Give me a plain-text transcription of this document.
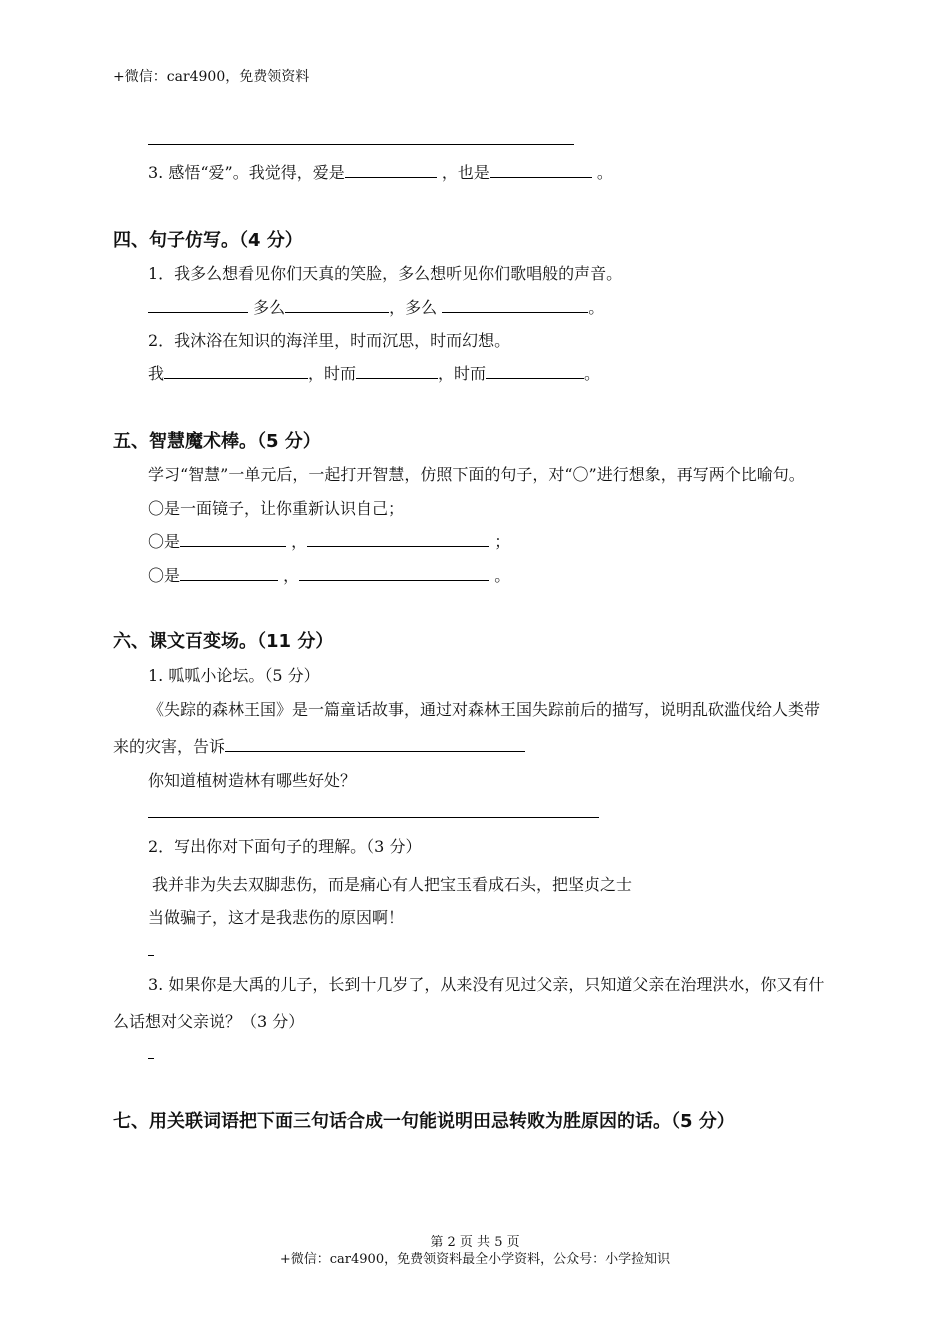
+微信：car4900，免费领资料
3. 感悟“爱”。我觉得，爱是	，也是	。
四、句子仿写。（4 分）
1．我多么想看见你们天真的笑脸，多么想听见你们歌唱般的声音。
多么	，多么	。
2．我沐浴在知识的海洋里，时而沉思，时而幻想。
我	，时而	，时而	。
五、智慧魔术棒。（5 分）
学习“智慧”一单元后，一起打开智慧，仿照下面的句子，对“〇”进行想象，再写两个比喻句。
〇是一面镜子，让你重新认识自己；
〇是	，	；
〇是	，	。
六、课文百变场。（11 分）
1. 呱呱小论坛。（5 分）
《失踪的森林王国》是一篇童话故事，通过对森林王国失踪前后的描写，说明乱砍滥伐给人类带
来的灾害，告诉
你知道植树造林有哪些好处？
2．写出你对下面句子的理解。（3 分）
我并非为失去双脚悲伤，而是痛心有人把宝玉看成石头，把坚贞之士
当做骗子，这才是我悲伤的原因啊！
3. 如果你是大禹的儿子，长到十几岁了，从来没有见过父亲，只知道父亲在治理洪水，你又有什
么话想对父亲说？（3 分）
七、用关联词语把下面三句话合成一句能说明田忌转败为胜原因的话。（5 分）
第 2 页 共 5 页
+微信：car4900，免费领资料最全小学资料，公众号：小学捡知识
